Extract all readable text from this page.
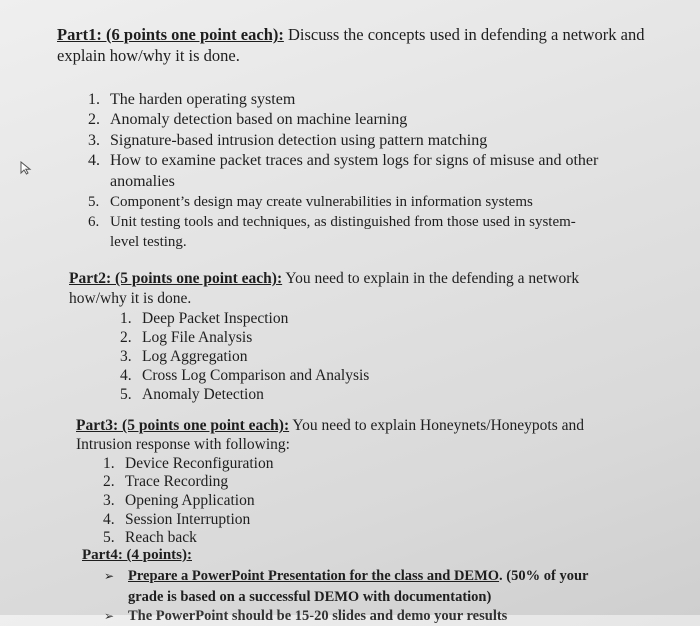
Part1: (6 points one point each): Discuss the concepts used in defending a network and
explain how/why it is done.
1. The harden operating system
2. Anomaly detection based on machine learning
3. Signature-based intrusion detection using pattern matching
4. How to examine packet traces and system logs for signs of misuse and other
anomalies
5. Component’s design may create vulnerabilities in information systems
6. Unit testing tools and techniques, as distinguished from those used in system-
level testing.
Part2: (5 points one point each): You need to explain in the defending a network
how/why it is done.
1. Deep Packet Inspection
2. Log File Analysis
3. Log Aggregation
4. Cross Log Comparison and Analysis
5. Anomaly Detection
Part3: (5 points one point each): You need to explain Honeynets/Honeypots and
Intrusion response with following:
1. Device Reconfiguration
2. Trace Recording
3. Opening Application
4. Session Interruption
5. Reach back
Part4: (4 points):
➢ Prepare a PowerPoint Presentation for the class and DEMO. (50% of your
grade is based on a successful DEMO with documentation)
➢ The PowerPoint should be 15-20 slides and demo your results
